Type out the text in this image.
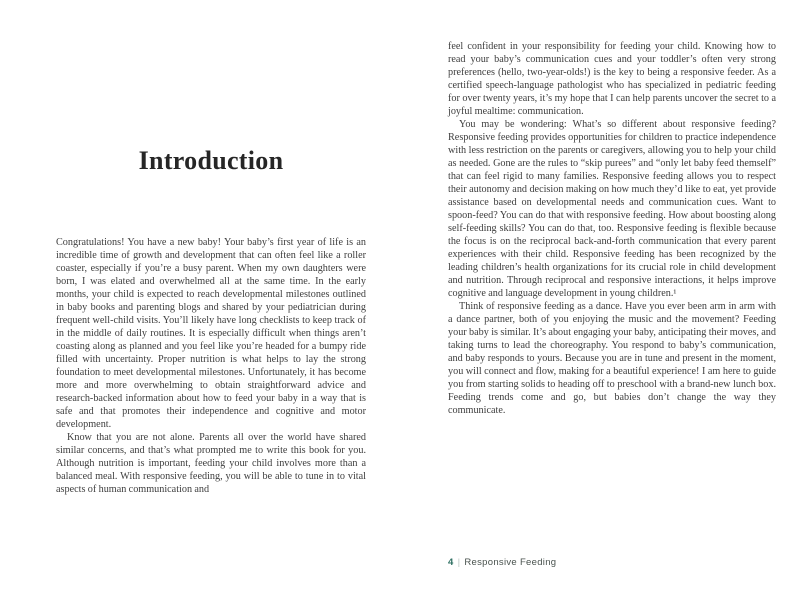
Introduction

Congratulations! You have a new baby! Your baby’s first year of life is an incredible time of growth and development that can often feel like a roller coaster, especially if you’re a busy parent. When my own daughters were born, I was elated and overwhelmed all at the same time. In the early months, your child is expected to reach developmental milestones outlined in baby books and parenting blogs and shared by your pediatrician during frequent well-child visits. You’ll likely have long checklists to keep track of in the middle of daily routines. It is especially difficult when things aren’t coasting along as planned and you feel like you’re headed for a bumpy ride filled with uncertainty. Proper nutrition is what helps to lay the strong foundation to meet developmental milestones. Unfortunately, it has become more and more overwhelming to obtain straightforward advice and research-backed information about how to feed your baby in a way that is safe and that promotes their independence and cognitive and motor development.

Know that you are not alone. Parents all over the world have shared similar concerns, and that’s what prompted me to write this book for you. Although nutrition is important, feeding your child involves more than a balanced meal. With responsive feeding, you will be able to tune in to vital aspects of human communication and

feel confident in your responsibility for feeding your child. Knowing how to read your baby’s communication cues and your toddler’s often very strong preferences (hello, two-year-olds!) is the key to being a responsive feeder. As a certified speech-language pathologist who has specialized in pediatric feeding for over twenty years, it’s my hope that I can help parents uncover the secret to a joyful mealtime: communication.

You may be wondering: What’s so different about responsive feeding? Responsive feeding provides opportunities for children to practice independence with less restriction on the parents or caregivers, allowing you to help your child as needed. Gone are the rules to “skip purees” and “only let baby feed themself” that can feel rigid to many families. Responsive feeding allows you to respect their autonomy and decision making on how much they’d like to eat, yet provide assistance based on developmental needs and communication cues. Want to spoon-feed? You can do that with responsive feeding. How about boosting along self-feeding skills? You can do that, too. Responsive feeding is flexible because the focus is on the reciprocal back-and-forth communication that every parent experiences with their child. Responsive feeding has been recognized by the leading children’s health organizations for its crucial role in child development and nutrition. Through reciprocal and responsive interactions, it helps improve cognitive and language development in young children.¹

Think of responsive feeding as a dance. Have you ever been arm in arm with a dance partner, both of you enjoying the music and the movement? Feeding your baby is similar. It’s about engaging your baby, anticipating their moves, and taking turns to lead the choreography. You respond to baby’s communication, and baby responds to yours. Because you are in tune and present in the moment, you will connect and flow, making for a beautiful experience! I am here to guide you from starting solids to heading off to preschool with a brand-new lunch box. Feeding trends come and go, but babies don’t change the way they communicate.

4 | Responsive Feeding
